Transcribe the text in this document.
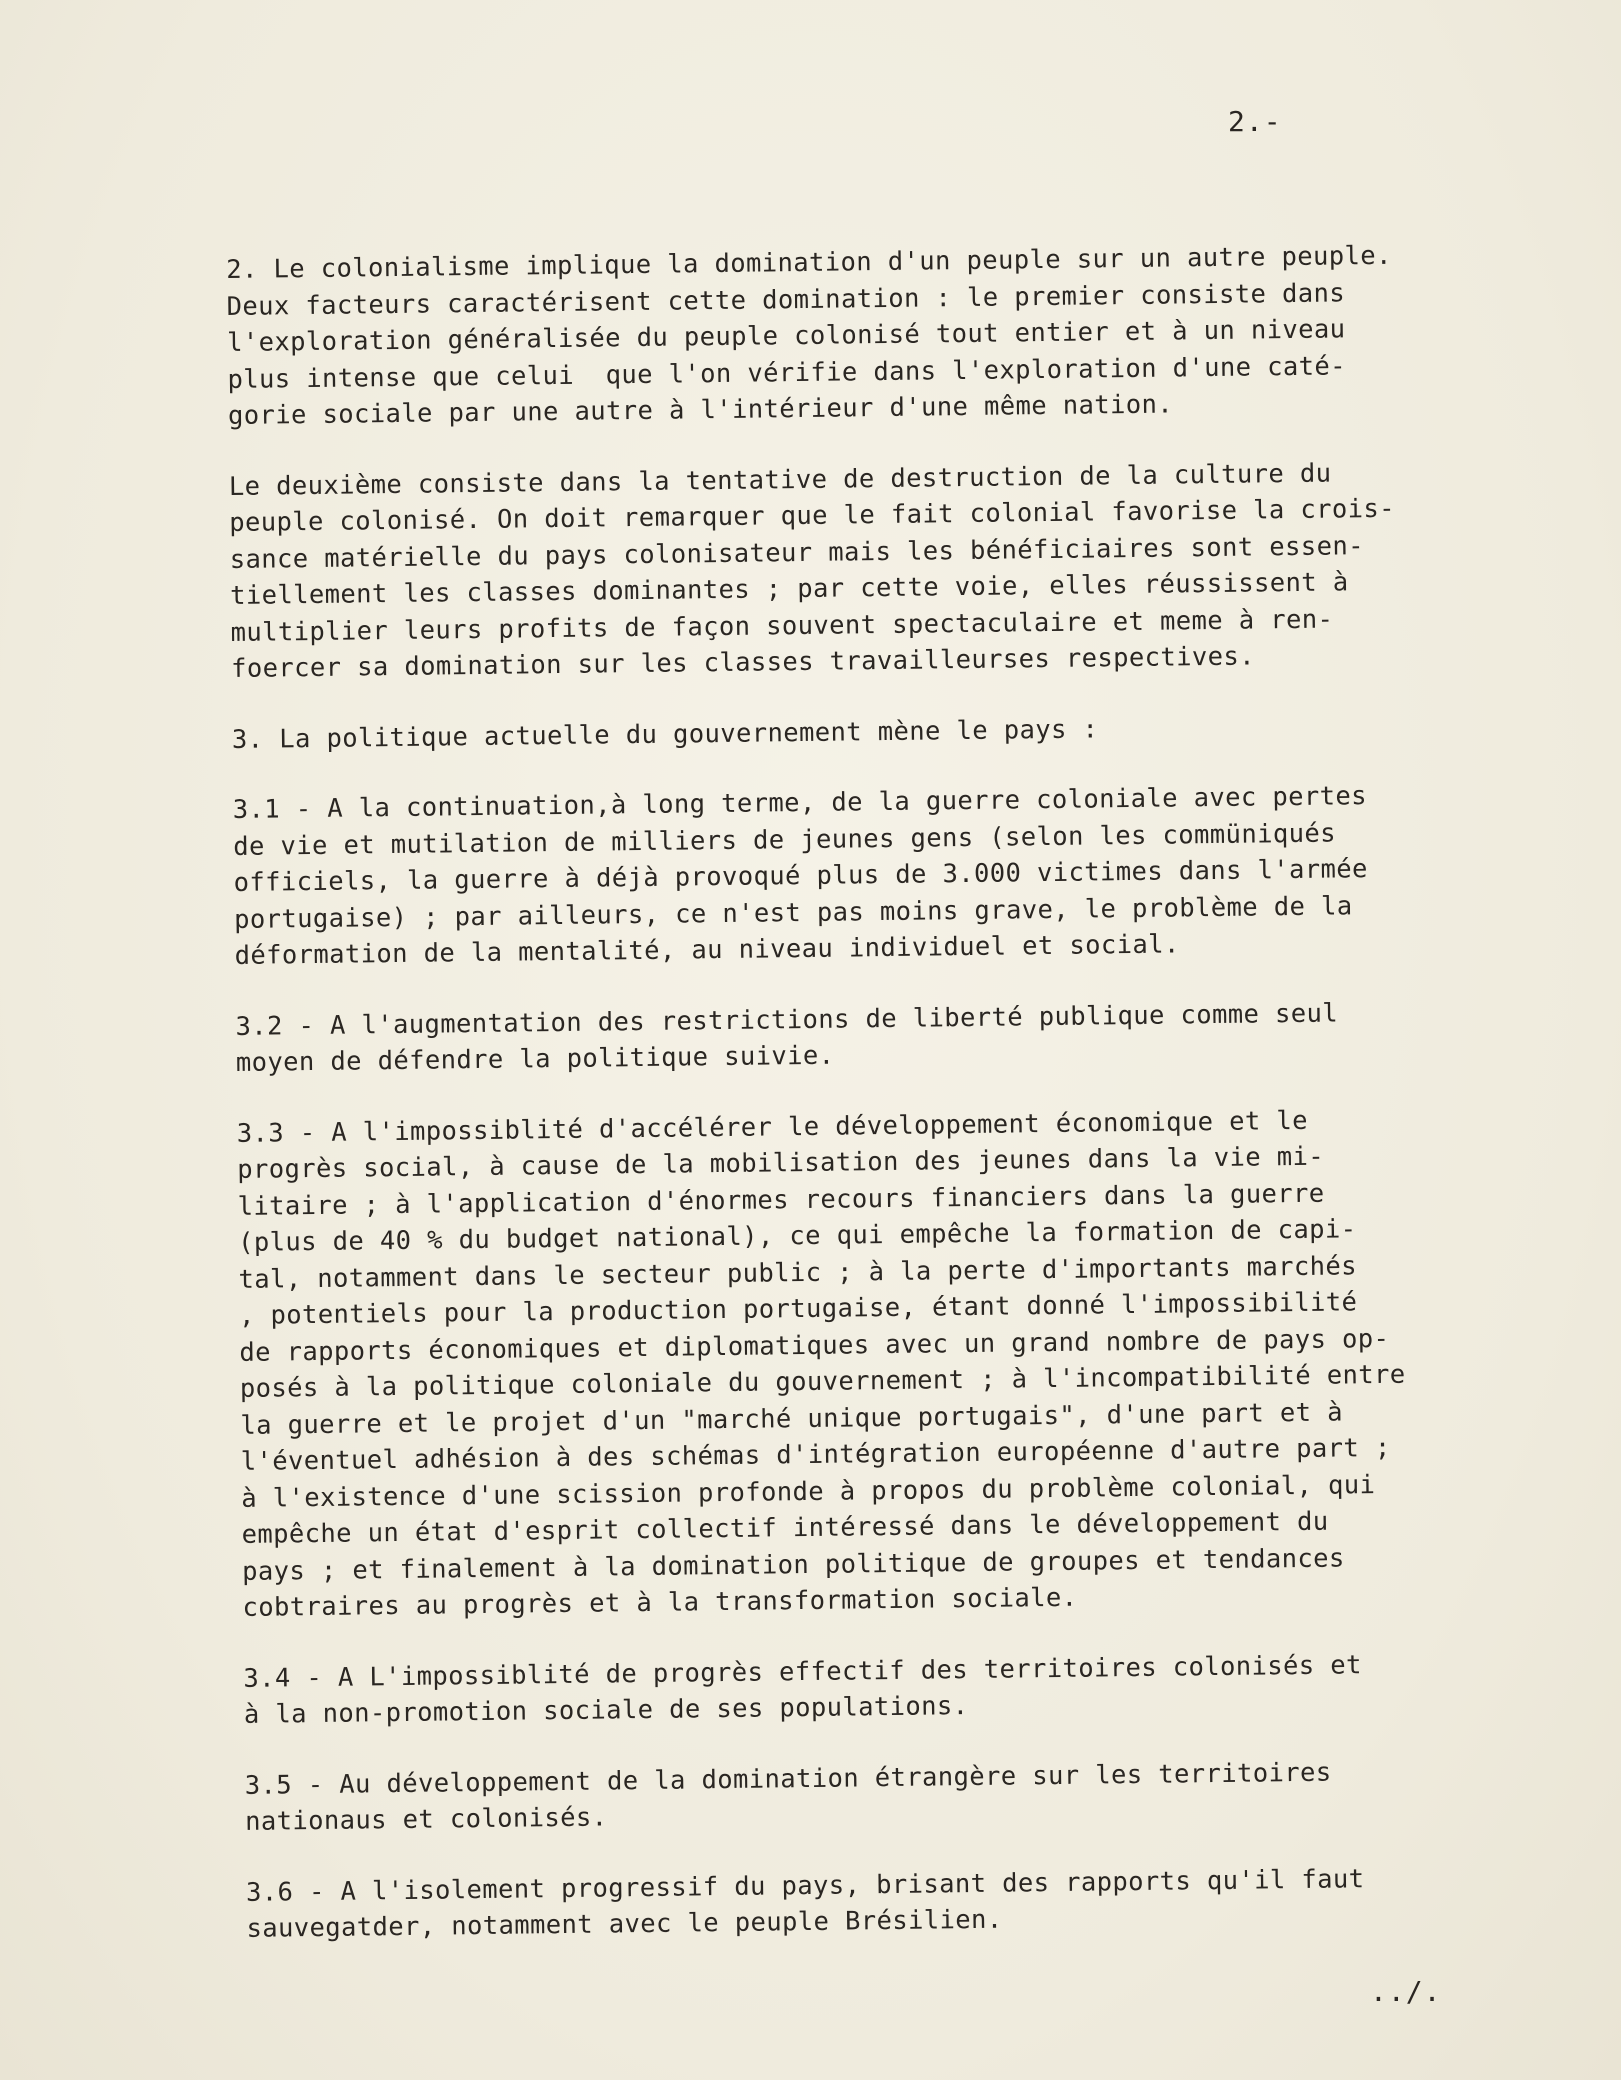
2.-
2. Le colonialisme implique la domination d'un peuple sur un autre peuple.
Deux facteurs caractérisent cette domination : le premier consiste dans
l'exploration généralisée du peuple colonisé tout entier et à un niveau
plus intense que celui  que l'on vérifie dans l'exploration d'une caté-
gorie sociale par une autre à l'intérieur d'une même nation.
Le deuxième consiste dans la tentative de destruction de la culture du
peuple colonisé. On doit remarquer que le fait colonial favorise la crois-
sance matérielle du pays colonisateur mais les bénéficiaires sont essen-
tiellement les classes dominantes ; par cette voie, elles réussissent à
multiplier leurs profits de façon souvent spectaculaire et meme à ren-
foercer sa domination sur les classes travailleurses respectives.
3. La politique actuelle du gouvernement mène le pays :
3.1 - A la continuation,à long terme, de la guerre coloniale avec pertes
de vie et mutilation de milliers de jeunes gens (selon les commüniqués
officiels, la guerre à déjà provoqué plus de 3.000 victimes dans l'armée
portugaise) ; par ailleurs, ce n'est pas moins grave, le problème de la
déformation de la mentalité, au niveau individuel et social.
3.2 - A l'augmentation des restrictions de liberté publique comme seul
moyen de défendre la politique suivie.
3.3 - A l'impossiblité d'accélérer le développement économique et le
progrès social, à cause de la mobilisation des jeunes dans la vie mi-
litaire ; à l'application d'énormes recours financiers dans la guerre
(plus de 40 % du budget national), ce qui empêche la formation de capi-
tal, notamment dans le secteur public ; à la perte d'importants marchés
, potentiels pour la production portugaise, étant donné l'impossibilité
de rapports économiques et diplomatiques avec un grand nombre de pays op-
posés à la politique coloniale du gouvernement ; à l'incompatibilité entre
la guerre et le projet d'un "marché unique portugais", d'une part et à
l'éventuel adhésion à des schémas d'intégration européenne d'autre part ;
à l'existence d'une scission profonde à propos du problème colonial, qui
empêche un état d'esprit collectif intéressé dans le développement du
pays ; et finalement à la domination politique de groupes et tendances
cobtraires au progrès et à la transformation sociale.
3.4 - A L'impossiblité de progrès effectif des territoires colonisés et
à la non-promotion sociale de ses populations.
3.5 - Au développement de la domination étrangère sur les territoires
nationaus et colonisés.
3.6 - A l'isolement progressif du pays, brisant des rapports qu'il faut
sauvegatder, notamment avec le peuple Brésilien.
../.
